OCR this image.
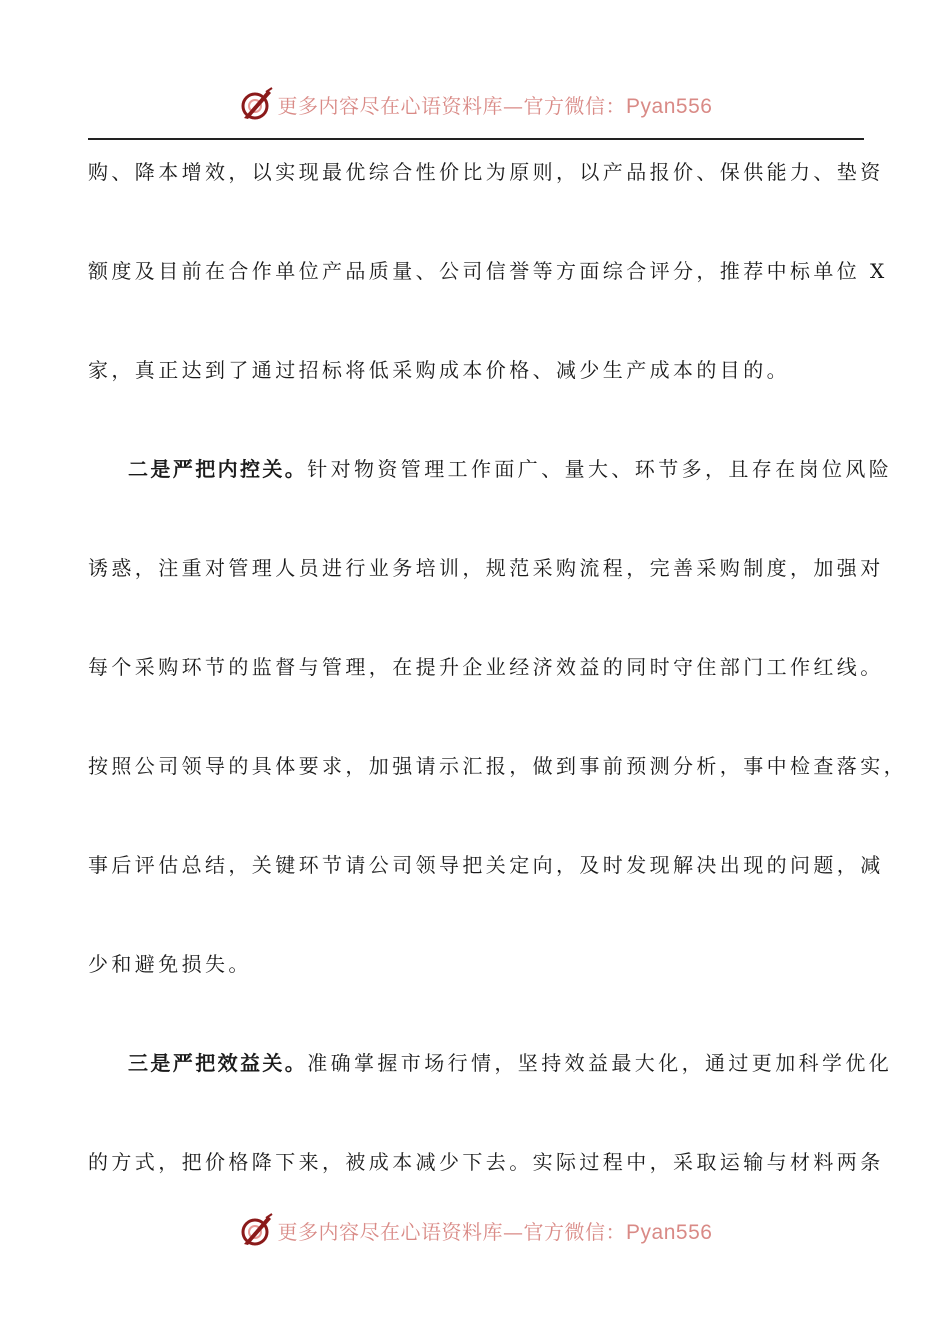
更多内容尽在心语资料库—官方微信：Pyan556
购、降本增效，以实现最优综合性价比为原则，以产品报价、保供能力、垫资
额度及目前在合作单位产品质量、公司信誉等方面综合评分，推荐中标单位 X
家，真正达到了通过招标将低采购成本价格、减少生产成本的目的。
二是严把内控关。针对物资管理工作面广、量大、环节多，且存在岗位风险
诱惑，注重对管理人员进行业务培训，规范采购流程，完善采购制度，加强对
每个采购环节的监督与管理，在提升企业经济效益的同时守住部门工作红线。
按照公司领导的具体要求，加强请示汇报，做到事前预测分析，事中检查落实，
事后评估总结，关键环节请公司领导把关定向，及时发现解决出现的问题，减
少和避免损失。
三是严把效益关。准确掌握市场行情，坚持效益最大化，通过更加科学优化
的方式，把价格降下来，被成本减少下去。实际过程中，采取运输与材料两条
更多内容尽在心语资料库—官方微信：Pyan556
